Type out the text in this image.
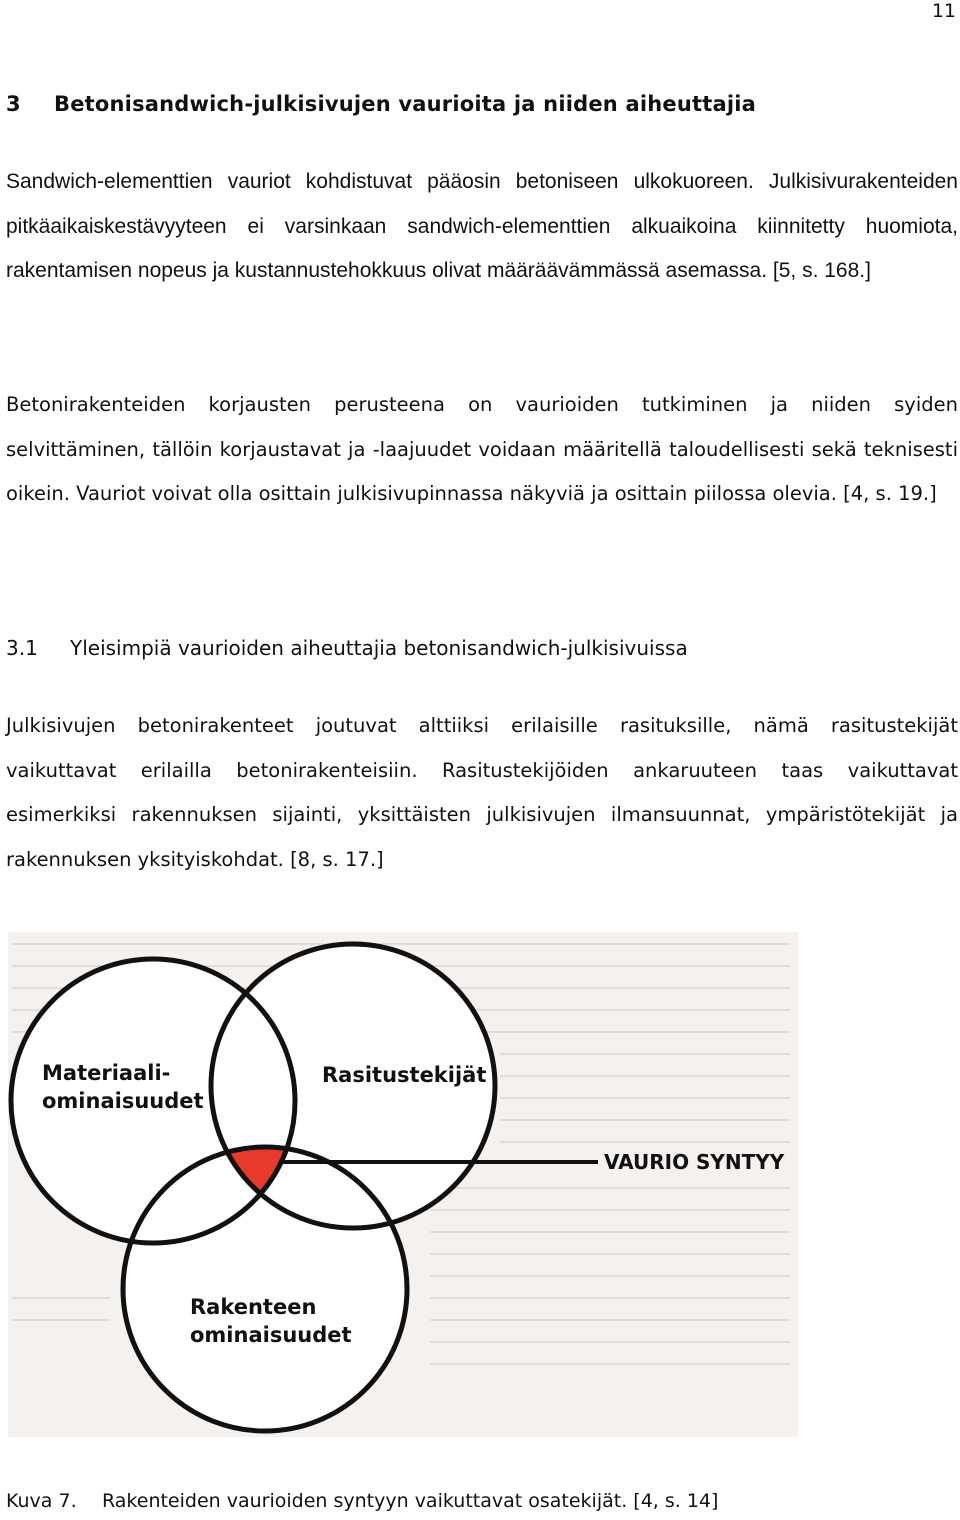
11
3 Betonisandwich-julkisivujen vaurioita ja niiden aiheuttajia

Sandwich-elementtien vauriot kohdistuvat pääosin betoniseen ulkokuoreen. Julkisivurakenteiden pitkäaikaiskestävyyteen ei varsinkaan sandwich-elementtien alkuaikoina kiinnitetty huomiota, rakentamisen nopeus ja kustannustehokkuus olivat määräävämmässä asemassa. [5, s. 168.]

Betonirakenteiden korjausten perusteena on vaurioiden tutkiminen ja niiden syiden selvittäminen, tällöin korjaustavat ja -laajuudet voidaan määritellä taloudellisesti sekä teknisesti oikein. Vauriot voivat olla osittain julkisivupinnassa näkyviä ja osittain piilossa olevia. [4, s. 19.]

3.1 Yleisimpiä vaurioiden aiheuttajia betonisandwich-julkisivuissa

Julkisivujen betonirakenteet joutuvat alttiiksi erilaisille rasituksille, nämä rasitustekijät vaikuttavat erilailla betonirakenteisiin. Rasitustekijöiden ankaruuteen taas vaikuttavat esimerkiksi rakennuksen sijainti, yksittäisten julkisivujen ilmansuunnat, ympäristötekijät ja rakennuksen yksityiskohdat. [8, s. 17.]

Materiaali-
ominaisuudet
Rasitustekijät
VAURIO SYNTYY
Rakenteen
ominaisuudet
Kuva 7. Rakenteiden vaurioiden syntyyn vaikuttavat osatekijät. [4, s. 14]
